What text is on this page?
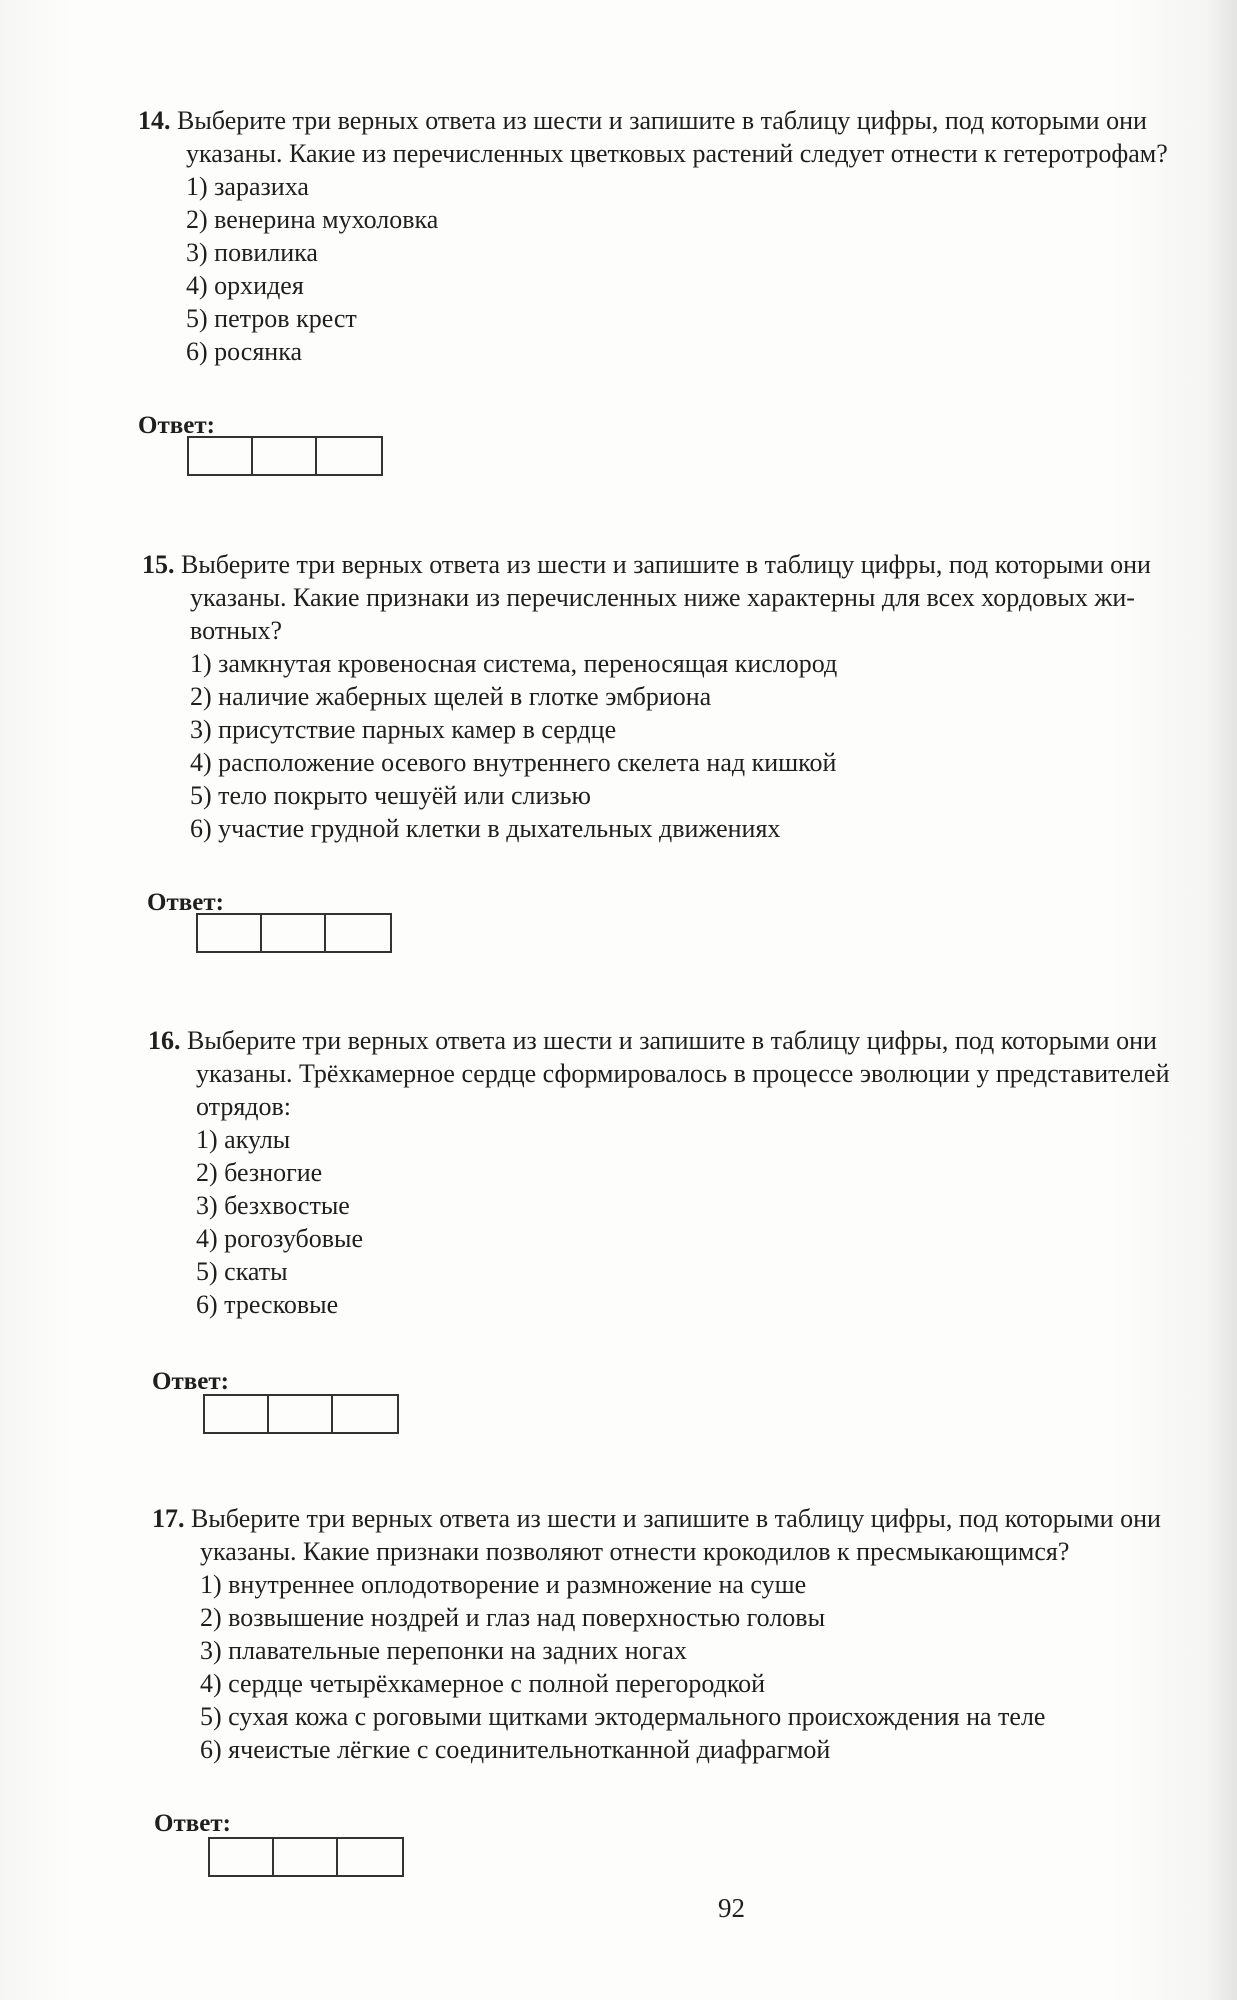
14. Выберите три верных ответа из шести и запишите в таблицу цифры, под которыми они
указаны. Какие из перечисленных цветковых растений следует отнести к гетеротрофам?
1) заразиха
2) венерина мухоловка
3) повилика
4) орхидея
5) петров крест
6) росянка
Ответ:
15. Выберите три верных ответа из шести и запишите в таблицу цифры, под которыми они
указаны. Какие признаки из перечисленных ниже характерны для всех хордовых жи-
вотных?
1) замкнутая кровеносная система, переносящая кислород
2) наличие жаберных щелей в глотке эмбриона
3) присутствие парных камер в сердце
4) расположение осевого внутреннего скелета над кишкой
5) тело покрыто чешуёй или слизью
6) участие грудной клетки в дыхательных движениях
Ответ:
16. Выберите три верных ответа из шести и запишите в таблицу цифры, под которыми они
указаны. Трёхкамерное сердце сформировалось в процессе эволюции у представителей
отрядов:
1) акулы
2) безногие
3) безхвостые
4) рогозубовые
5) скаты
6) тресковые
Ответ:
17. Выберите три верных ответа из шести и запишите в таблицу цифры, под которыми они
указаны. Какие признаки позволяют отнести крокодилов к пресмыкающимся?
1) внутреннее оплодотворение и размножение на суше
2) возвышение ноздрей и глаз над поверхностью головы
3) плавательные перепонки на задних ногах
4) сердце четырёхкамерное с полной перегородкой
5) сухая кожа с роговыми щитками эктодермального происхождения на теле
6) ячеистые лёгкие с соединительнотканной диафрагмой
Ответ:
92
